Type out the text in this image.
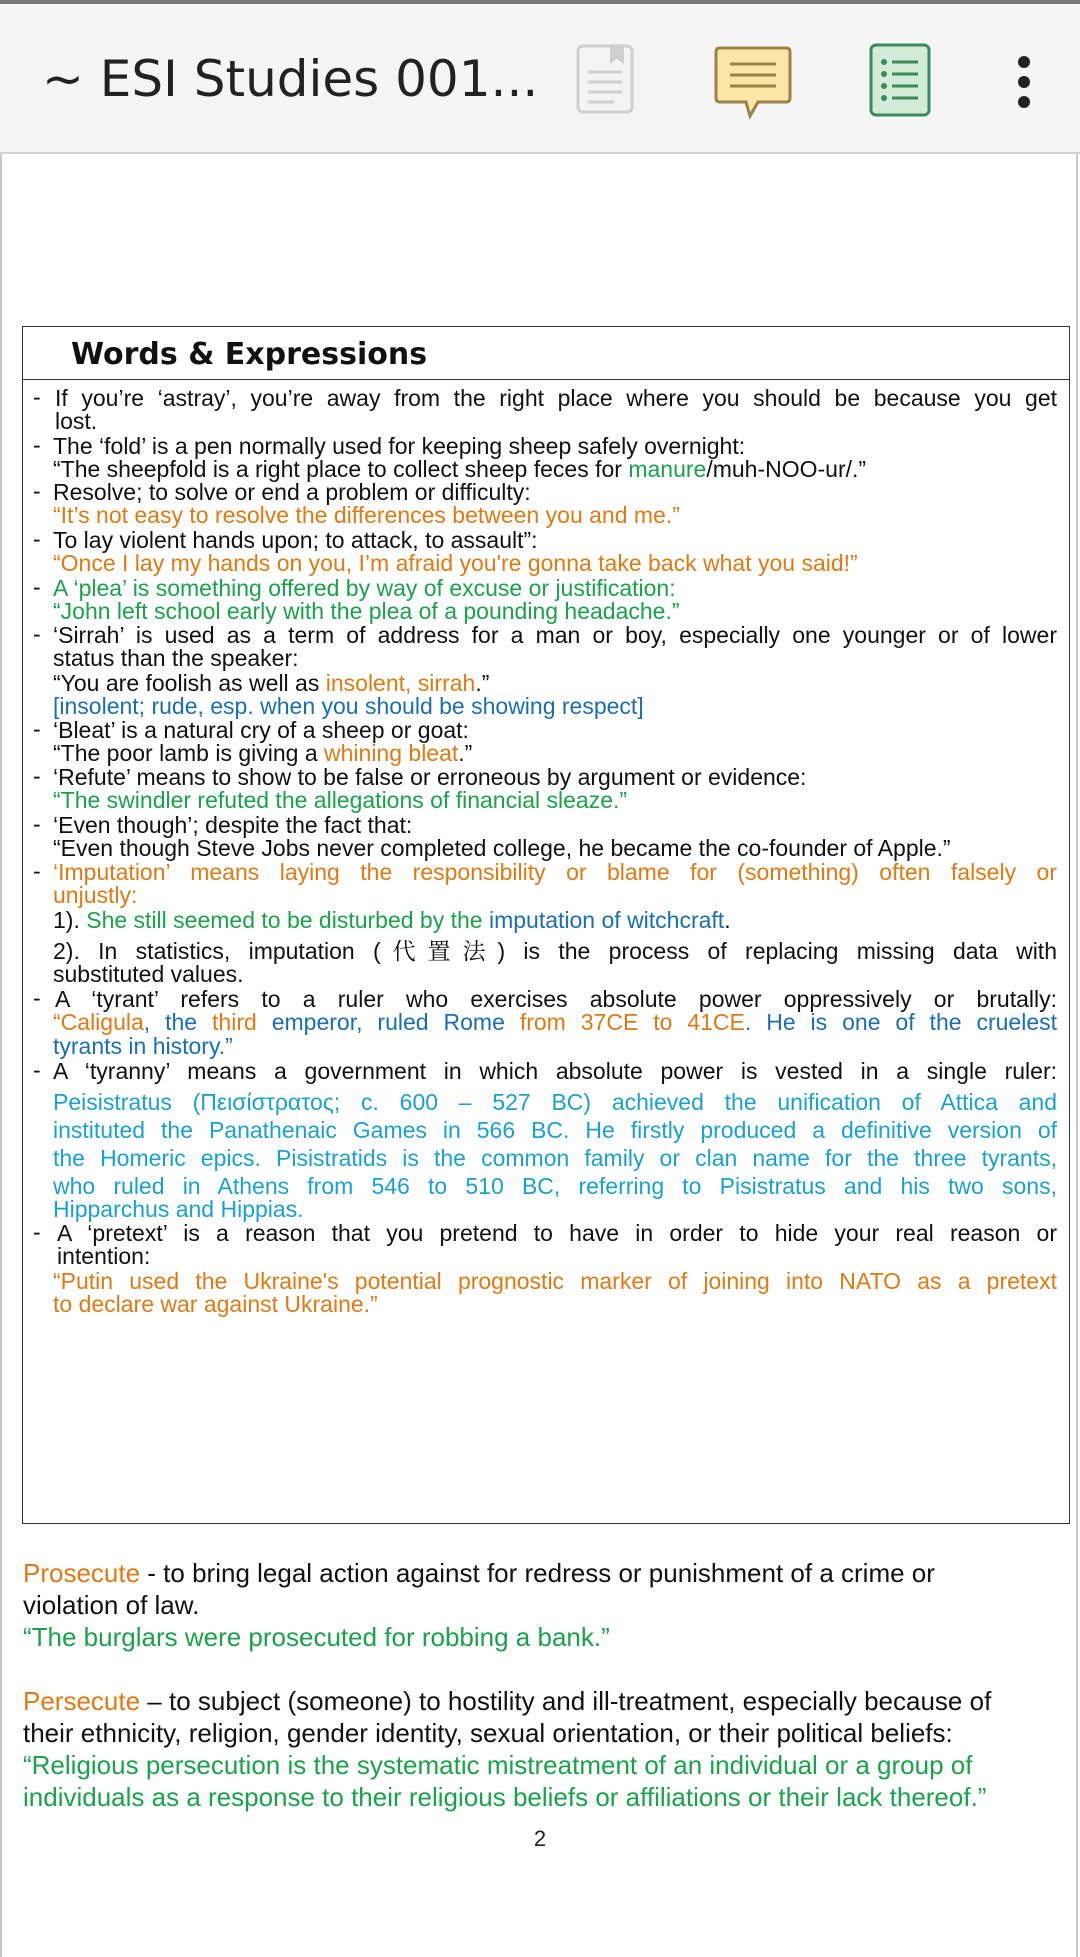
~ ESI Studies 001...
Words & Expressions
-
-
-
-
-
-
-
-
-
-
-
-
-
If you’re ‘astray’, you’re away from the right place where you should be because you get
lost.
The ‘fold’ is a pen normally used for keeping sheep safely overnight:
“The sheepfold is a right place to collect sheep feces for manure/muh-NOO-ur/.”
Resolve; to solve or end a problem or difficulty:
“It’s not easy to resolve the differences between you and me.”
To lay violent hands upon; to attack, to assault”:
“Once I lay my hands on you, I’m afraid you're gonna take back what you said!”
A ‘plea’ is something offered by way of excuse or justification:
“John left school early with the plea of a pounding headache.”
‘Sirrah’ is used as a term of address for a man or boy, especially one younger or of lower
status than the speaker:
“You are foolish as well as insolent, sirrah.”
[insolent; rude, esp. when you should be showing respect]
‘Bleat’ is a natural cry of a sheep or goat:
“The poor lamb is giving a whining bleat.”
‘Refute’ means to show to be false or erroneous by argument or evidence:
“The swindler refuted the allegations of financial sleaze.”
‘Even though’; despite the fact that:
“Even though Steve Jobs never completed college, he became the co-founder of Apple.”
‘Imputation’ means laying the responsibility or blame for (something) often falsely or
unjustly:
1). She still seemed to be disturbed by the imputation of witchcraft.
2). In statistics, imputation (代置法) is the process of replacing missing data with
substituted values.
A ‘tyrant’ refers to a ruler who exercises absolute power oppressively or brutally:
“Caligula, the third emperor, ruled Rome from 37CE to 41CE. He is one of the cruelest
tyrants in history.”
A ‘tyranny’ means a government in which absolute power is vested in a single ruler:
Peisistratus (Πεισίστρατος; c. 600 – 527 BC) achieved the unification of Attica and
instituted the Panathenaic Games in 566 BC. He firstly produced a definitive version of
the Homeric epics. Pisistratids is the common family or clan name for the three tyrants,
who ruled in Athens from 546 to 510 BC, referring to Pisistratus and his two sons,
Hipparchus and Hippias.
A ‘pretext’ is a reason that you pretend to have in order to hide your real reason or
intention:
“Putin used the Ukraine's potential prognostic marker of joining into NATO as a pretext
to declare war against Ukraine.”
Prosecute - to bring legal action against for redress or punishment of a crime or
violation of law.
“The burglars were prosecuted for robbing a bank.”
Persecute – to subject (someone) to hostility and ill-treatment, especially because of
their ethnicity, religion, gender identity, sexual orientation, or their political beliefs:
“Religious persecution is the systematic mistreatment of an individual or a group of
individuals as a response to their religious beliefs or affiliations or their lack thereof.”
2
